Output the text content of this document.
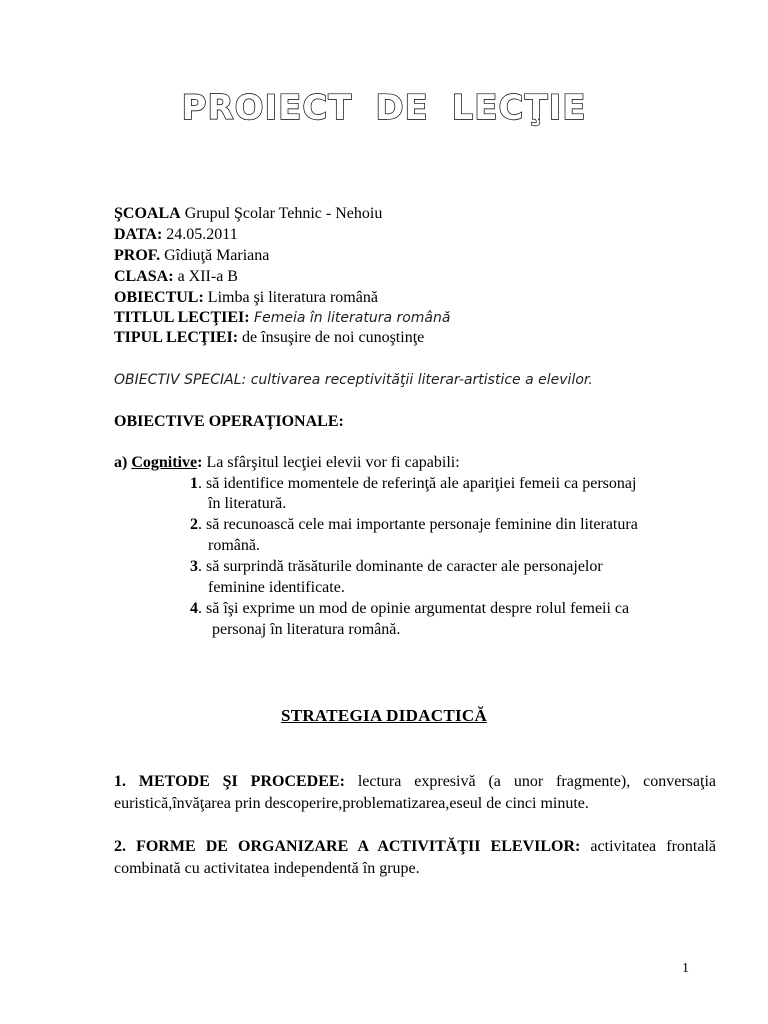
PROIECT DE LECŢIE
ŞCOALA Grupul Şcolar Tehnic - Nehoiu
DATA: 24.05.2011
PROF. Gîdiuţă Mariana
CLASA: a XII-a B
OBIECTUL: Limba şi literatura română
TITLUL LECŢIEI: Femeia în literatura română
TIPUL LECŢIEI: de însuşire de noi cunoştinţe
OBIECTIV SPECIAL: cultivarea receptivităţii literar-artistice a elevilor.
OBIECTIVE OPERAŢIONALE:
a) Cognitive: La sfârşitul lecţiei elevii vor fi capabili:
1. să identifice momentele de referinţă ale apariţiei femeii ca personaj
în literatură.
2. să recunoască cele mai importante personaje feminine din literatura
română.
3. să surprindă trăsăturile dominante de caracter ale personajelor
feminine identificate.
4. să îşi exprime un mod de opinie argumentat despre rolul femeii ca
personaj în literatura română.
STRATEGIA DIDACTICĂ
1. METODE ŞI PROCEDEE: lectura expresivă (a unor fragmente), conversaţia euristică,învăţarea prin descoperire,problematizarea,eseul de cinci minute.
2. FORME DE ORGANIZARE A ACTIVITĂŢII ELEVILOR: activitatea frontală combinată cu activitatea independentă în grupe.
1
